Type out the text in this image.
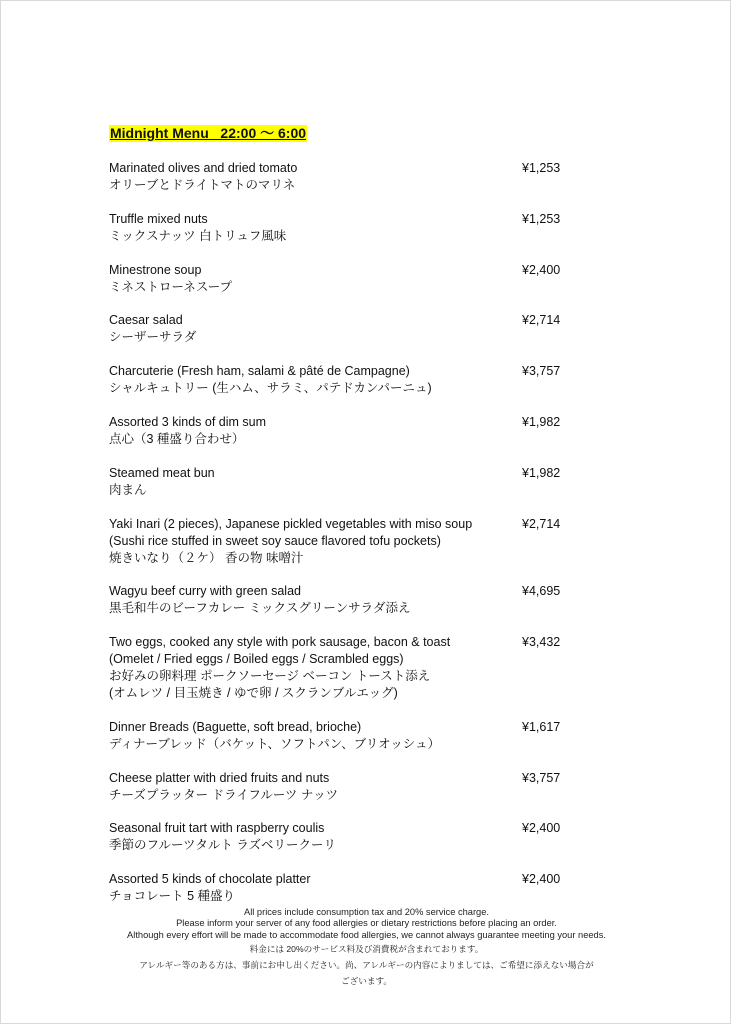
Midnight Menu   22:00 〜 6:00
Marinated olives and dried tomato
オリーブとドライトマトのマリネ
¥1,253
Truffle mixed nuts
ミックスナッツ 白トリュフ風味
¥1,253
Minestrone soup
ミネストローネスープ
¥2,400
Caesar salad
シーザーサラダ
¥2,714
Charcuterie (Fresh ham, salami & pâté de Campagne)
シャルキュトリー (生ハム、サラミ、パテドカンパーニュ)
¥3,757
Assorted 3 kinds of dim sum
点心（3 種盛り合わせ）
¥1,982
Steamed meat bun
肉まん
¥1,982
Yaki Inari (2 pieces), Japanese pickled vegetables with miso soup
(Sushi rice stuffed in sweet soy sauce flavored tofu pockets)
焼きいなり（２ケ） 香の物 味噌汁
¥2,714
Wagyu beef curry with green salad
黒毛和牛のビーフカレー ミックスグリーンサラダ添え
¥4,695
Two eggs, cooked any style with pork sausage, bacon & toast
(Omelet / Fried eggs / Boiled eggs / Scrambled eggs)
お好みの卵料理 ポークソーセージ ベーコン トースト添え
(オムレツ / 目玉焼き / ゆで卵 / スクランブルエッグ)
¥3,432
Dinner Breads (Baguette, soft bread, brioche)
ディナーブレッド（バケット、ソフトパン、ブリオッシュ）
¥1,617
Cheese platter with dried fruits and nuts
チーズプラッター ドライフルーツ ナッツ
¥3,757
Seasonal fruit tart with raspberry coulis
季節のフルーツタルト ラズベリークーリ
¥2,400
Assorted 5 kinds of chocolate platter
チョコレート 5 種盛り
¥2,400
All prices include consumption tax and 20% service charge.
Please inform your server of any food allergies or dietary restrictions before placing an order.
Although every effort will be made to accommodate food allergies, we cannot always guarantee meeting your needs.
料金には 20%のサービス料及び消費税が含まれております。
アレルギー等のある方は、事前にお申し出ください。尚、アレルギーの内容によりましては、ご希望に添えない場合が
ございます。
